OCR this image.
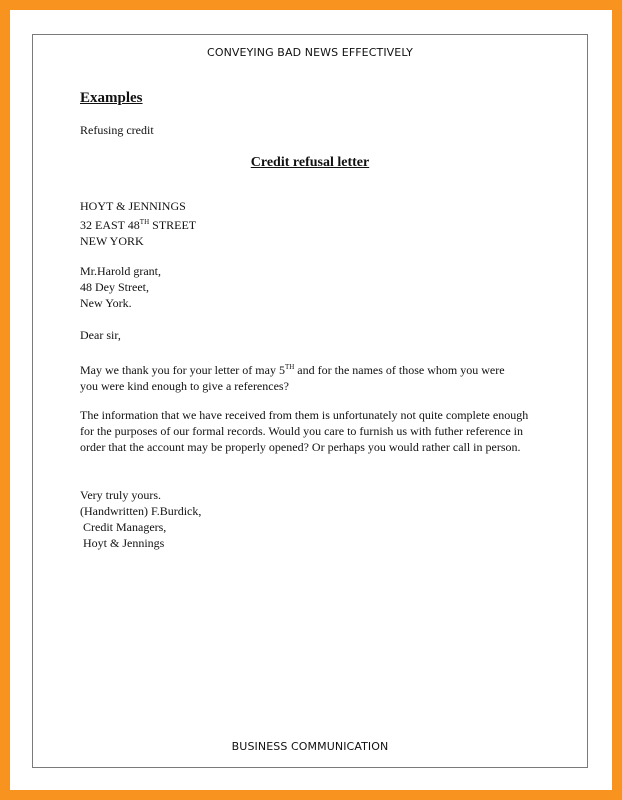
CONVEYING BAD NEWS EFFECTIVELY
Examples
Refusing credit
Credit refusal letter
HOYT & JENNINGS
32 EAST 48TH STREET
NEW YORK
Mr.Harold grant,
48 Dey Street,
New York.
Dear sir,
May we thank you for your letter of may 5TH and for the names of those whom you were
you were kind enough to give a references?
The information that we have received from them is unfortunately not quite complete enough for the purposes of our formal records. Would you care to furnish us with futher reference in order that the account may be properly opened? Or perhaps you would rather call in person.
Very truly yours.
(Handwritten) F.Burdick,
Credit Managers,
Hoyt & Jennings
BUSINESS COMMUNICATION
